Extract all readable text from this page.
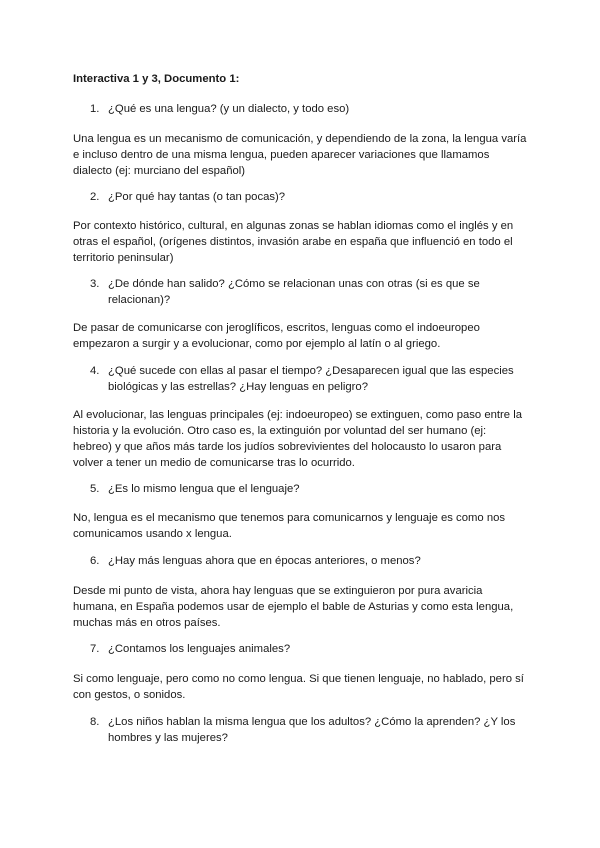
Interactiva 1 y 3, Documento 1:
1. ¿Qué es una lengua? (y un dialecto, y todo eso)
Una lengua es un mecanismo de comunicación, y dependiendo de la zona, la lengua varía e incluso dentro de una misma lengua, pueden aparecer variaciones que llamamos dialecto (ej: murciano del español)
2. ¿Por qué hay tantas (o tan pocas)?
Por contexto histórico, cultural, en algunas zonas se hablan idiomas como el inglés y en otras el español, (orígenes distintos, invasión arabe en españa que influenció en todo el territorio peninsular)
3. ¿De dónde han salido? ¿Cómo se relacionan unas con otras (si es que se relacionan)?
De pasar de comunicarse con jeroglíficos, escritos, lenguas como el indoeuropeo empezaron a surgir y a evolucionar, como por ejemplo al latín o al griego.
4. ¿Qué sucede con ellas al pasar el tiempo? ¿Desaparecen igual que las especies biológicas y las estrellas? ¿Hay lenguas en peligro?
Al evolucionar, las lenguas principales (ej: indoeuropeo) se extinguen, como paso entre la historia y la evolución. Otro caso es, la extinguión por voluntad del ser humano (ej: hebreo) y que años más tarde los judíos sobrevivientes del holocausto lo usaron para volver a tener un medio de comunicarse tras lo ocurrido.
5. ¿Es lo mismo lengua que el lenguaje?
No, lengua es el mecanismo que tenemos para comunicarnos y lenguaje es como nos comunicamos usando x lengua.
6. ¿Hay más lenguas ahora que en épocas anteriores, o menos?
Desde mi punto de vista, ahora hay lenguas que se extinguieron por pura avaricia humana, en España podemos usar de ejemplo el bable de Asturias y como esta lengua, muchas más en otros países.
7. ¿Contamos los lenguajes animales?
Si como lenguaje, pero como no como lengua. Si que tienen lenguaje, no hablado, pero sí con gestos, o sonidos.
8. ¿Los niños hablan la misma lengua que los adultos? ¿Cómo la aprenden? ¿Y los hombres y las mujeres?
